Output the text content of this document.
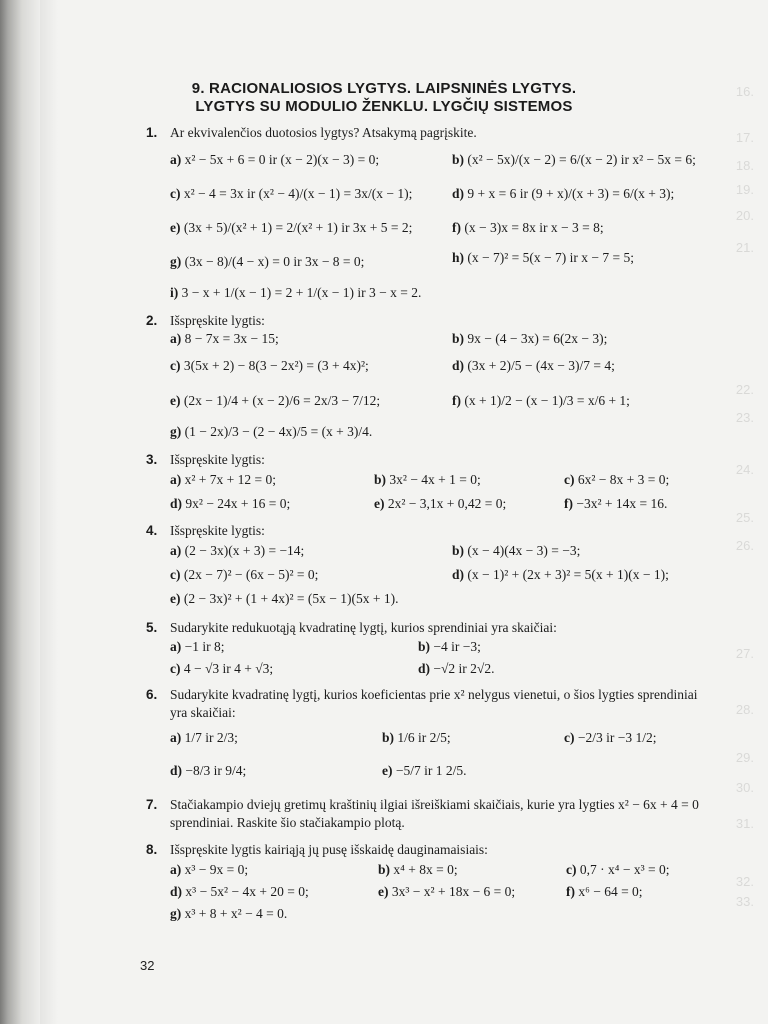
16.
17.
18.
19.
20.
21.
22.
23.
24.
25.
26.
27.
28.
29.
30.
31.
32.
33.
9. RACIONALIOSIOS LYGTYS. LAIPSNINĖS LYGTYS.
LYGTYS SU MODULIO ŽENKLU. LYGČIŲ SISTEMOS
1. Ar ekvivalenčios duotosios lygtys? Atsakymą pagrįskite.
a) x² − 5x + 6 = 0 ir (x − 2)(x − 3) = 0;	b) (x² − 5x)/(x − 2) = 6/(x − 2) ir x² − 5x = 6;
c) x² − 4 = 3x ir (x² − 4)/(x − 1) = 3x/(x − 1);	d) 9 + x = 6 ir (9 + x)/(x + 3) = 6/(x + 3);
e) (3x + 5)/(x² + 1) = 2/(x² + 1) ir 3x + 5 = 2;	f) (x − 3)x = 8x ir x − 3 = 8;
g) (3x − 8)/(4 − x) = 0 ir 3x − 8 = 0;	h) (x − 7)² = 5(x − 7) ir x − 7 = 5;
i) 3 − x + 1/(x − 1) = 2 + 1/(x − 1) ir 3 − x = 2.
2. Išspręskite lygtis:
a) 8 − 7x = 3x − 15;	b) 9x − (4 − 3x) = 6(2x − 3);
c) 3(5x + 2) − 8(3 − 2x²) = (3 + 4x)²;	d) (3x + 2)/5 − (4x − 3)/7 = 4;
e) (2x − 1)/4 + (x − 2)/6 = 2x/3 − 7/12;	f) (x + 1)/2 − (x − 1)/3 = x/6 + 1;
g) (1 − 2x)/3 − (2 − 4x)/5 = (x + 3)/4.
3. Išspręskite lygtis:
a) x² + 7x + 12 = 0;	b) 3x² − 4x + 1 = 0;	c) 6x² − 8x + 3 = 0;
d) 9x² − 24x + 16 = 0;	e) 2x² − 3,1x + 0,42 = 0;	f) −3x² + 14x = 16.
4. Išspręskite lygtis:
a) (2 − 3x)(x + 3) = −14;	b) (x − 4)(4x − 3) = −3;
c) (2x − 7)² − (6x − 5)² = 0;	d) (x − 1)² + (2x + 3)² = 5(x + 1)(x − 1);
e) (2 − 3x)² + (1 + 4x)² = (5x − 1)(5x + 1).
5. Sudarykite redukuotąją kvadratinę lygtį, kurios sprendiniai yra skaičiai:
a) −1 ir 8;	b) −4 ir −3;
c) 4 − √3 ir 4 + √3;	d) −√2 ir 2√2.
6. Sudarykite kvadratinę lygtį, kurios koeficientas prie x² nelygus vienetui, o šios lygties sprendiniai
yra skaičiai:
a) 1/7 ir 2/3;	b) 1/6 ir 2/5;	c) −2/3 ir −3 1/2;
d) −8/3 ir 9/4;	e) −5/7 ir 1 2/5.
7. Stačiakampio dviejų gretimų kraštinių ilgiai išreiškiami skaičiais, kurie yra lygties x² − 6x + 4 = 0
sprendiniai. Raskite šio stačiakampio plotą.
8. Išspręskite lygtis kairiąją jų pusę išskaidę dauginamaisiais:
a) x³ − 9x = 0;	b) x⁴ + 8x = 0;	c) 0,7 · x⁴ − x³ = 0;
d) x³ − 5x² − 4x + 20 = 0;	e) 3x³ − x² + 18x − 6 = 0;	f) x⁶ − 64 = 0;
g) x³ + 8 + x² − 4 = 0.
32
